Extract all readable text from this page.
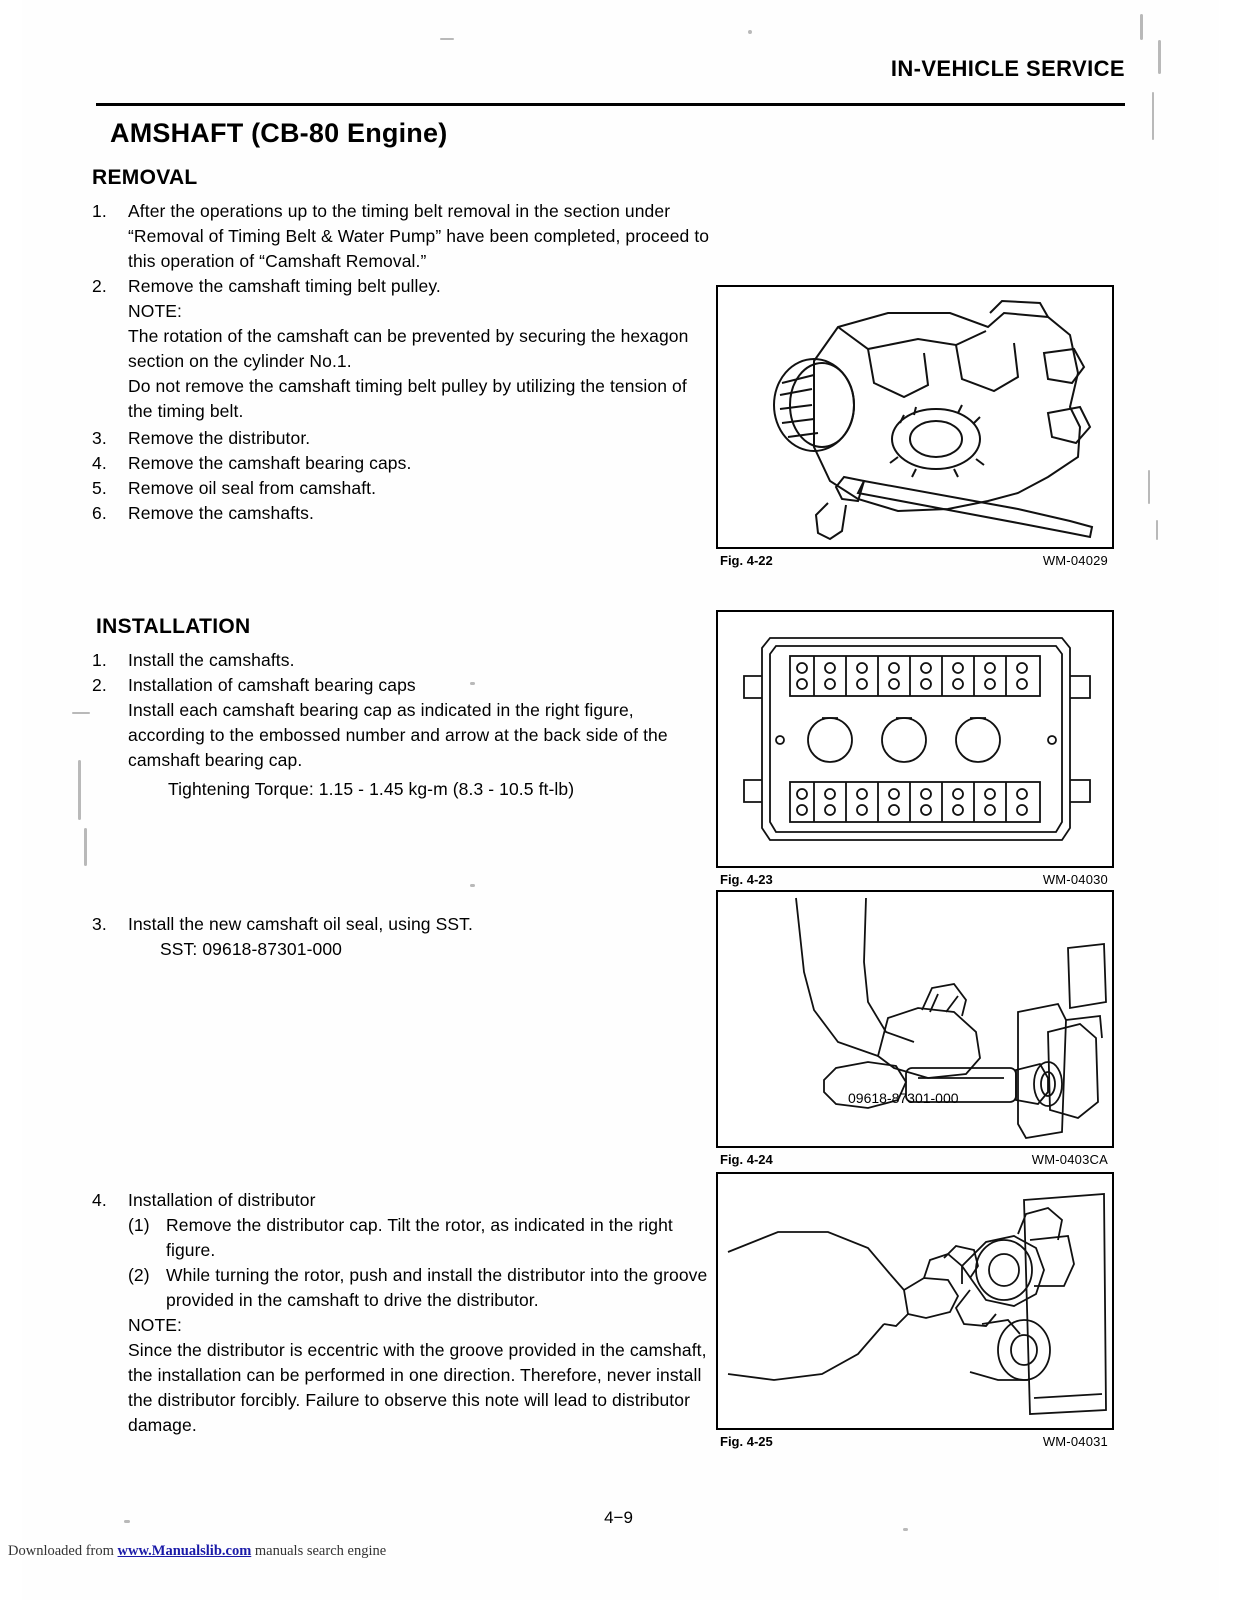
IN-VEHICLE SERVICE
AMSHAFT (CB-80 Engine)
REMOVAL
1. After the operations up to the timing belt removal in the section under “Removal of Timing Belt & Water Pump” have been completed, proceed to this operation of “Camshaft Removal.”
2. Remove the camshaft timing belt pulley.
NOTE:
The rotation of the camshaft can be prevented by securing the hexagon section on the cylinder No.1.
Do not remove the camshaft timing belt pulley by utilizing the tension of the timing belt.
3. Remove the distributor.
4. Remove the camshaft bearing caps.
5. Remove oil seal from camshaft.
6. Remove the camshafts.
INSTALLATION
1. Install the camshafts.
2. Installation of camshaft bearing caps
Install each camshaft bearing cap as indicated in the right figure, according to the embossed number and arrow at the back side of the camshaft bearing cap.
Tightening Torque: 1.15 - 1.45 kg-m (8.3 - 10.5 ft-lb)
3. Install the new camshaft oil seal, using SST.
SST: 09618-87301-000
4. Installation of distributor
(1) Remove the distributor cap. Tilt the rotor, as indicated in the right figure.
(2) While turning the rotor, push and install the distributor into the groove provided in the camshaft to drive the distributor.
NOTE:
Since the distributor is eccentric with the groove provided in the camshaft, the installation can be performed in one direction. Therefore, never install the distributor forcibly. Failure to observe this note will lead to distributor damage.
Fig. 4-22	WM-04029
Fig. 4-23	WM-04030
09618-87301-000
Fig. 4-24	WM-0403CA
Fig. 4-25	WM-04031
4−9
Downloaded from www.Manualslib.com manuals search engine
